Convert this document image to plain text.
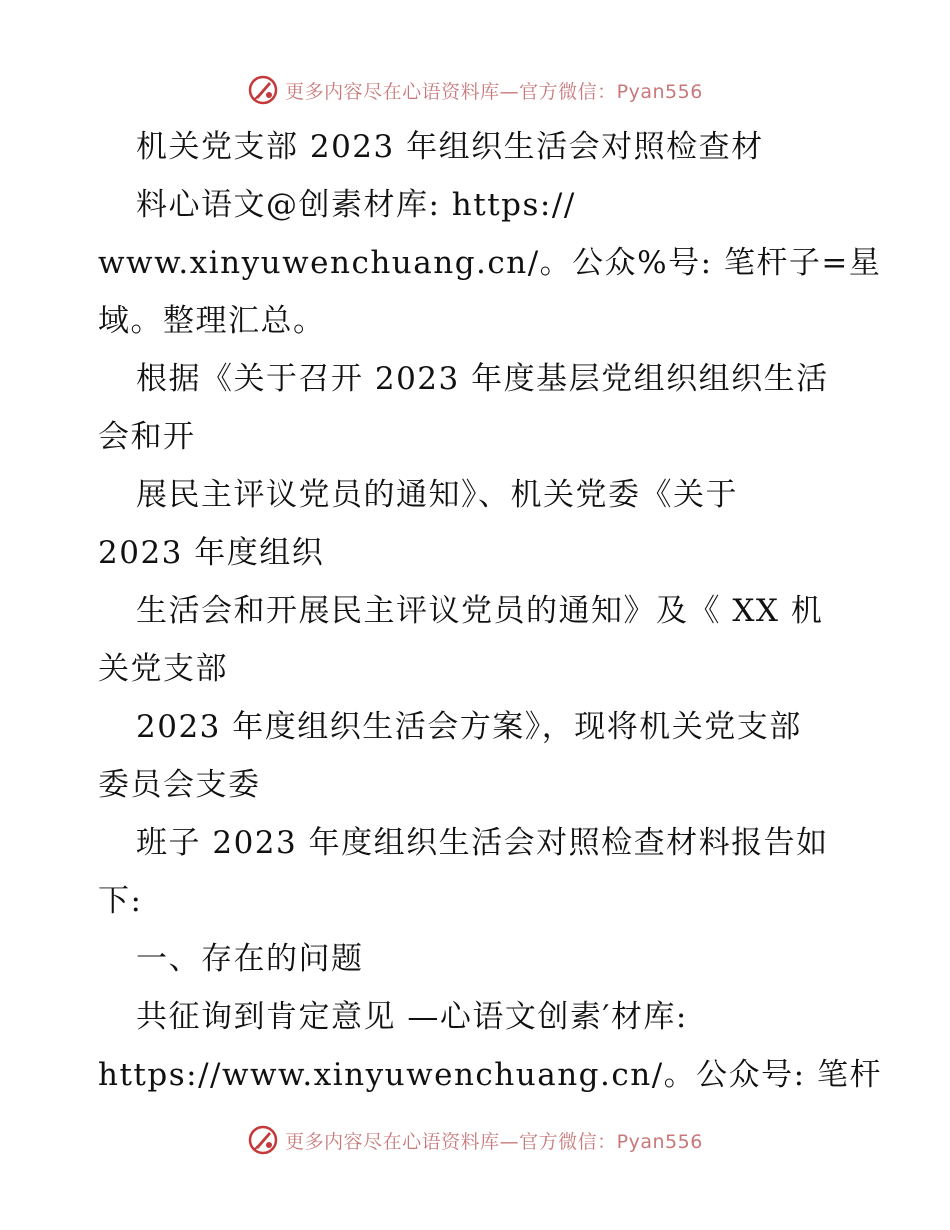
更多内容尽在心语资料库—官方微信：Pyan556
机关党支部 2023 年组织生活会对照检查材
料心语文@创素材库: https://
www.xinyuwenchuang.cn/。公众%号: 笔杆子=星
域。整理汇总。
根据《关于召开 2023 年度基层党组织组织生活
会和开
展民主评议党员的通知》、机关党委《关于
2023 年度组织
生活会和开展民主评议党员的通知》及《 XX 机
关党支部
2023 年度组织生活会方案》，现将机关党支部
委员会支委
班子 2023 年度组织生活会对照检查材料报告如
下:
一、存在的问题
共征询到肯定意见 —心语文创素′材库:
https://www.xinyuwenchuang.cn/。公众号: 笔杆
更多内容尽在心语资料库—官方微信：Pyan556
